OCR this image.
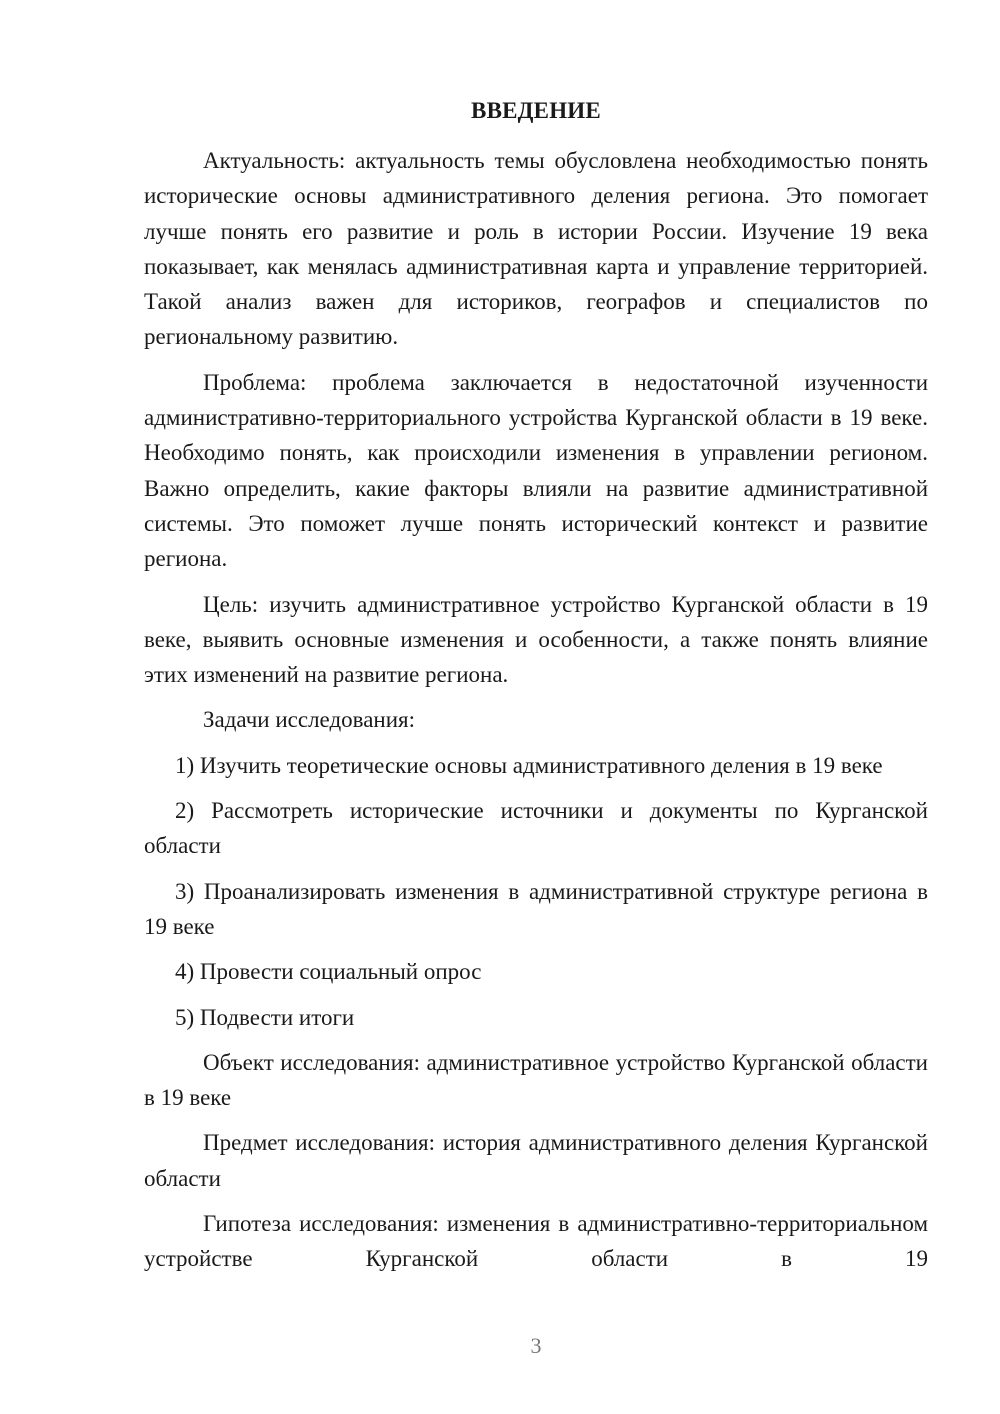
ВВЕДЕНИЕ

Актуальность: актуальность темы обусловлена необходимостью понять исторические основы административного деления региона. Это помогает лучше понять его развитие и роль в истории России. Изучение 19 века показывает, как менялась административная карта и управление территорией. Такой анализ важен для историков, географов и специалистов по региональному развитию.

Проблема: проблема заключается в недостаточной изученности административно-территориального устройства Курганской области в 19 веке. Необходимо понять, как происходили изменения в управлении регионом. Важно определить, какие факторы влияли на развитие административной системы. Это поможет лучше понять исторический контекст и развитие региона.

Цель: изучить административное устройство Курганской области в 19 веке, выявить основные изменения и особенности, а также понять влияние этих изменений на развитие региона.

Задачи исследования:

1) Изучить теоретические основы административного деления в 19 веке

2) Рассмотреть исторические источники и документы по Курганской области

3) Проанализировать изменения в административной структуре региона в 19 веке

4) Провести социальный опрос

5) Подвести итоги

Объект исследования: административное устройство Курганской области в 19 веке

Предмет исследования: история административного деления Курганской области

Гипотеза исследования: изменения в административно-территориальном устройстве Курганской области в 19

3
